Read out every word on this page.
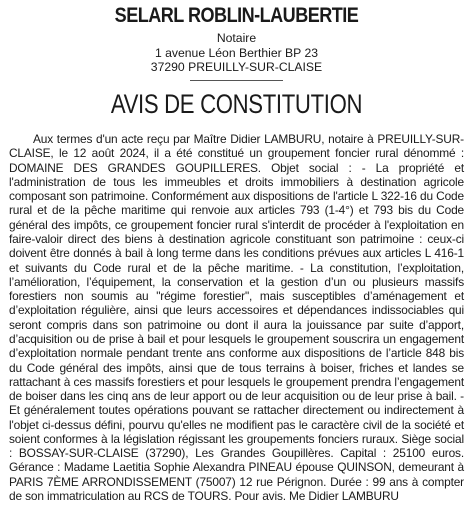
SELARL ROBLIN-LAUBERTIE
Notaire
1 avenue Léon Berthier BP 23
37290 PREUILLY-SUR-CLAISE
AVIS DE CONSTITUTION

Aux termes d'un acte reçu par Maître Didier LAMBURU, notaire à PREUILLY-SUR-CLAISE, le 12 août 2024, il a été constitué un groupement foncier rural dénommé : DOMAINE DES GRANDES GOUPILLERES. Objet social : - La propriété et l'administration de tous les immeubles et droits immobiliers à destination agricole composant son patrimoine. Conformément aux dispositions de l'article L 322-16 du Code rural et de la pêche maritime qui renvoie aux articles 793 (1-4°) et 793 bis du Code général des impôts, ce groupement foncier rural s'interdit de procéder à l'exploitation en faire-valoir direct des biens à destination agricole constituant son patrimoine : ceux-ci doivent être donnés à bail à long terme dans les conditions prévues aux articles L 416-1 et suivants du Code rural et de la pêche maritime. - La constitution, l’exploitation, l’amélioration, l’équipement, la conservation et la gestion d’un ou plusieurs massifs forestiers non soumis au "régime forestier", mais susceptibles d’aménagement et d’exploitation régulière, ainsi que leurs accessoires et dépendances indissociables qui seront compris dans son patrimoine ou dont il aura la jouissance par suite d’apport, d’acquisition ou de prise à bail et pour lesquels le groupement souscrira un engagement d’exploitation normale pendant trente ans conforme aux dispositions de l’article 848 bis du Code général des impôts, ainsi que de tous terrains à boiser, friches et landes se rattachant à ces massifs forestiers et pour lesquels le groupement prendra l’engagement de boiser dans les cinq ans de leur apport ou de leur acquisition ou de leur prise à bail. -Et généralement toutes opérations pouvant se rattacher directement ou indirectement à l'objet ci-dessus défini, pourvu qu'elles ne modifient pas le caractère civil de la société et soient conformes à la législation régissant les groupements fonciers ruraux. Siège social : BOSSAY-SUR-CLAISE (37290), Les Grandes Goupillères. Capital : 25100 euros. Gérance : Madame Laetitia Sophie Alexandra PINEAU épouse QUINSON, demeurant à PARIS 7ÈME ARRONDISSEMENT (75007) 12 rue Pérignon. Durée : 99 ans à compter de son immatriculation au RCS de TOURS. Pour avis. Me Didier LAMBURU
